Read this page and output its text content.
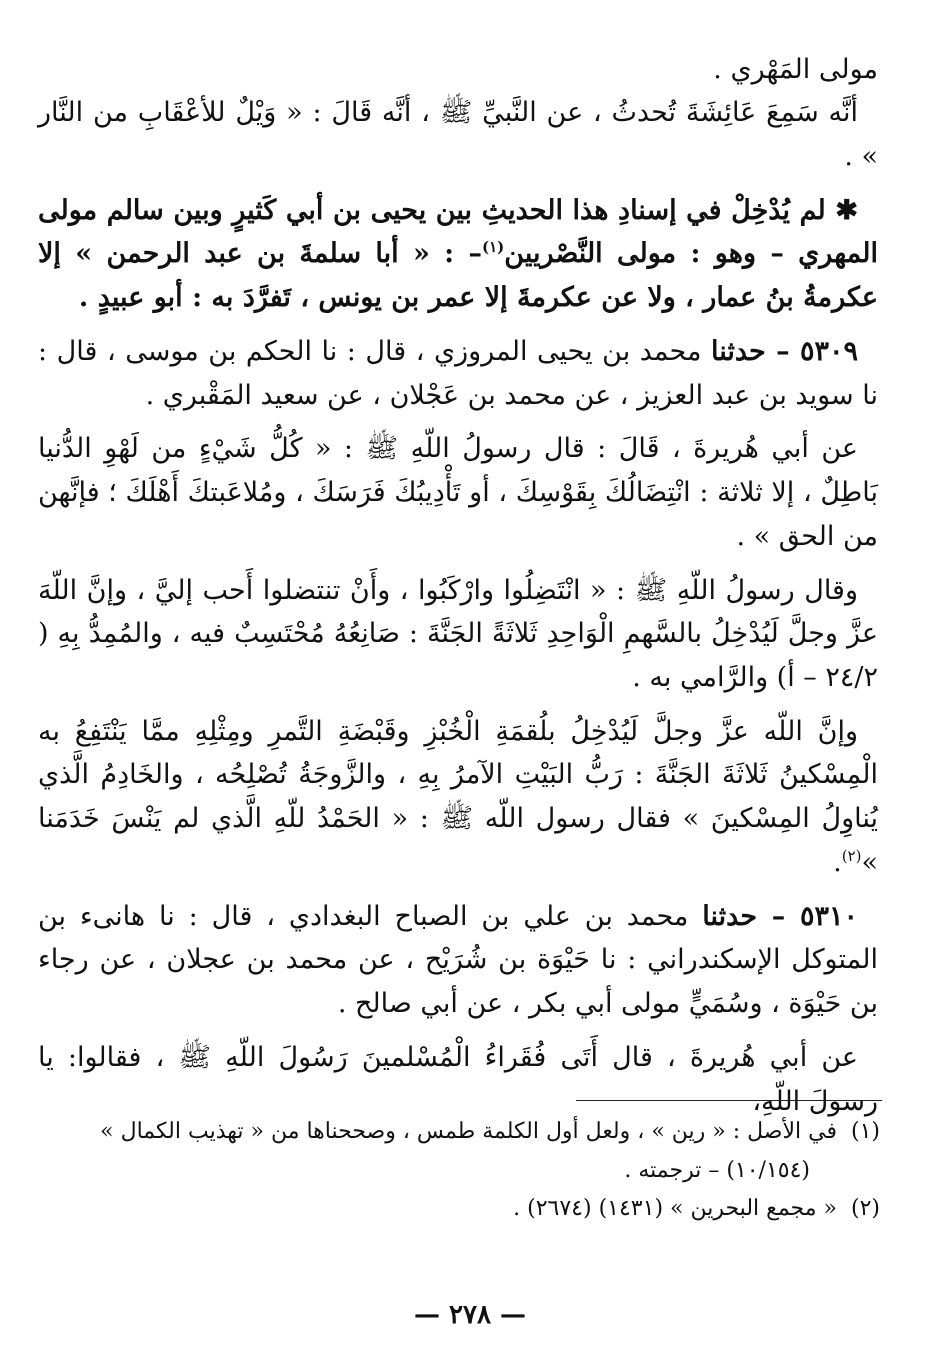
مولى المَهْري .

أنَّه سَمِعَ عَائِشَةَ تُحدثُ ، عن النَّبيِّ ﷺ ، أنَّه قَالَ : « وَيْلٌ للأعْقَابِ من النَّار » .

✱ لم يُدْخِلْ في إسنادِ هذا الحديثِ بين يحيى بن أبي كَثيرٍ وبين سالم مولى المهري – وهو : مولى النَّصْريين$^{(١)}$– : « أبا سلمةَ بن عبد الرحمن » إلا عكرمةُ بنُ عمار ، ولا عن عكرمةَ إلا عمر بن يونس ، تَفرَّدَ به : أبو عبيدٍ .

٥٣٠٩ – حدثنا محمد بن يحيى المروزي ، قال : نا الحكم بن موسى ، قال : نا سويد بن عبد العزيز ، عن محمد بن عَجْلان ، عن سعيد المَقْبري .

عن أبي هُريرةَ ، قَالَ : قال رسولُ اللّهِ ﷺ : « كُلُّ شَيْءٍ من لَهْوِ الدُّنيا بَاطِلٌ ، إلا ثلاثة : انْتِضَالُكَ بِقَوْسِكَ ، أو تَأْدِيبُكَ فَرَسَكَ ، ومُلاعَبتكَ أَهْلَكَ ؛ فإنَّهن من الحق » .

وقال رسولُ اللّهِ ﷺ : « انْتَضِلُوا وارْكَبُوا ، وأَنْ تنتضلوا أَحب إليَّ ، وإنَّ اللّهَ عزَّ وجلَّ لَيُدْخِلُ بالسَّهمِ الْوَاحِدِ ثَلاثَةً الجَنَّةَ : صَانِعُهُ مُحْتَسِبٌ فيه ، والمُمِدُّ بِهِ ( ٢٤/٢ – أ) والرَّامي به .

وإنَّ اللّه عزَّ وجلَّ لَيُدْخِلُ بلُقمَةِ الْخُبْزِ وقَبْضَةِ التَّمرِ ومِثْلِهِ ممَّا يَنْتَفِعُ به الْمِسْكينُ ثَلاثَةَ الجَنَّةَ : رَبُّ البَيْتِ الآمرُ بِهِ ، والزَّوجَةُ تُصْلِحُه ، والخَادِمُ الَّذي يُناوِلُ المِسْكينَ » فقال رسول اللّه ﷺ : « الحَمْدُ للّهِ الَّذي لم يَنْسَ خَدَمَنا »$^{(٢)}$.

٥٣١٠ – حدثنا محمد بن علي بن الصباح البغدادي ، قال : نا هانىء بن المتوكل الإسكندراني : نا حَيْوَة بن شُرَيْح ، عن محمد بن عجلان ، عن رجاء بن حَيْوَة ، وسُمَيٍّ مولى أبي بكر ، عن أبي صالح .

عن أبي هُريرةَ ، قال أَتَى فُقَراءُ الْمُسْلمينَ رَسُولَ اللّهِ ﷺ ، فقالوا: يا رسولَ اللّهِ،

(١) في الأصل : « رين » ، ولعل أول الكلمة طمس ، وصححناها من « تهذيب الكمال »

(١٠/١٥٤) – ترجمته .

(٢) « مجمع البحرين » (١٤٣١) (٢٦٧٤) .

— ٢٧٨ —
